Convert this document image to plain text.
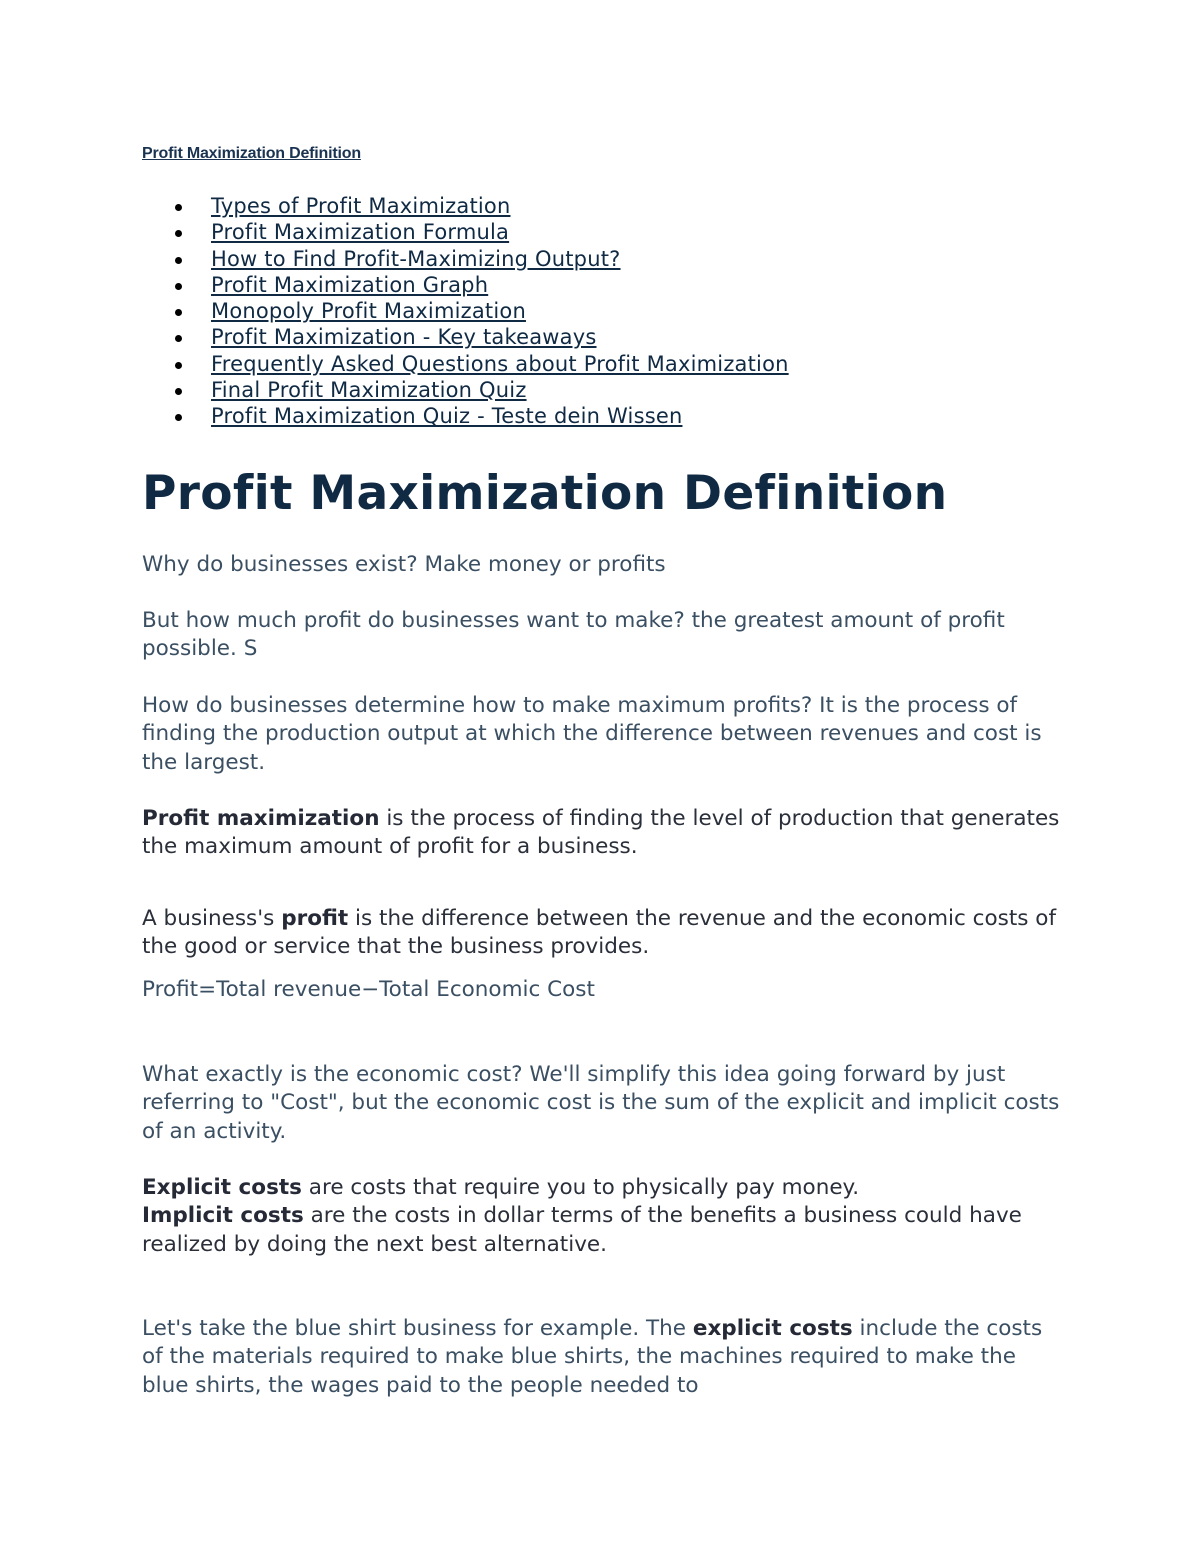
Profit Maximization Definition
Types of Profit Maximization
Profit Maximization Formula
How to Find Profit-Maximizing Output?
Profit Maximization Graph
Monopoly Profit Maximization
Profit Maximization - Key takeaways
Frequently Asked Questions about Profit Maximization
Final Profit Maximization Quiz
Profit Maximization Quiz - Teste dein Wissen
Profit Maximization Definition

Why do businesses exist? Make money or profits

But how much profit do businesses want to make? the greatest amount of profit possible. S

How do businesses determine how to make maximum profits? It is the process of finding the production output at which the difference between revenues and cost is the largest.

Profit maximization is the process of finding the level of production that generates the maximum amount of profit for a business.

A business's profit is the difference between the revenue and the economic costs of the good or service that the business provides.

Profit=Total revenue−Total Economic Cost

What exactly is the economic cost? We'll simplify this idea going forward by just referring to "Cost", but the economic cost is the sum of the explicit and implicit costs of an activity.

Explicit costs are costs that require you to physically pay money.
Implicit costs are the costs in dollar terms of the benefits a business could have realized by doing the next best alternative.

Let's take the blue shirt business for example. The explicit costs include the costs of the materials required to make blue shirts, the machines required to make the blue shirts, the wages paid to the people needed to
